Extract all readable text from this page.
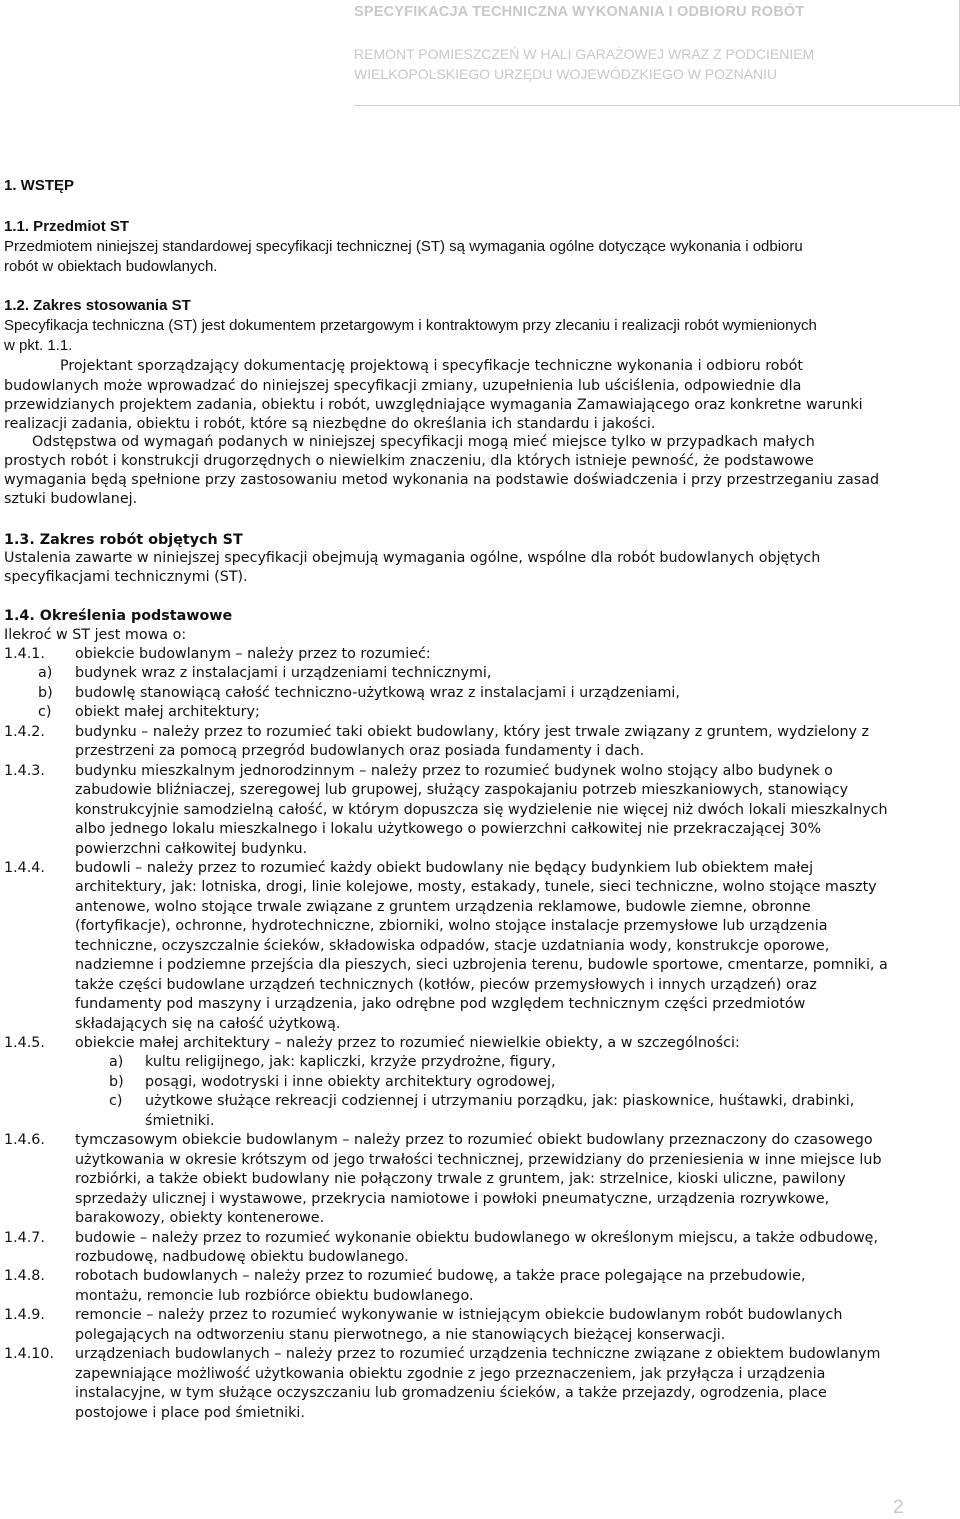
SPECYFIKACJA TECHNICZNA WYKONANIA I ODBIORU ROBÓT
REMONT POMIESZCZEŃ W HALI GARAŻOWEJ WRAZ Z PODCIENIEM
WIELKOPOLSKIEGO URZĘDU WOJEWÓDZKIEGO W POZNANIU
1. WSTĘP
1.1. Przedmiot ST
Przedmiotem niniejszej standardowej specyfikacji technicznej (ST) są wymagania ogólne dotyczące wykonania i odbioru
robót w obiektach budowlanych.
1.2. Zakres stosowania ST
Specyfikacja techniczna (ST) jest dokumentem przetargowym i kontraktowym przy zlecaniu i realizacji robót wymienionych
w pkt. 1.1.
Projektant sporządzający dokumentację projektową i specyfikacje techniczne wykonania i odbioru robót
budowlanych może wprowadzać do niniejszej specyfikacji zmiany, uzupełnienia lub uściślenia, odpowiednie dla
przewidzianych projektem zadania, obiektu i robót, uwzględniające wymagania Zamawiającego oraz konkretne warunki
realizacji zadania, obiektu i robót, które są niezbędne do określania ich standardu i jakości.
Odstępstwa od wymagań podanych w niniejszej specyfikacji mogą mieć miejsce tylko w przypadkach małych
prostych robót i konstrukcji drugorzędnych o niewielkim znaczeniu, dla których istnieje pewność, że podstawowe
wymagania będą spełnione przy zastosowaniu metod wykonania na podstawie doświadczenia i przy przestrzeganiu zasad
sztuki budowlanej.
1.3. Zakres robót objętych ST
Ustalenia zawarte w niniejszej specyfikacji obejmują wymagania ogólne, wspólne dla robót budowlanych objętych
specyfikacjami technicznymi (ST).
1.4. Określenia podstawowe
Ilekroć w ST jest mowa o:
1.4.1. obiekcie budowlanym – należy przez to rozumieć:
a) budynek wraz z instalacjami i urządzeniami technicznymi,
b) budowlę stanowiącą całość techniczno-użytkową wraz z instalacjami i urządzeniami,
c) obiekt małej architektury;
1.4.2. budynku – należy przez to rozumieć taki obiekt budowlany, który jest trwale związany z gruntem, wydzielony z
przestrzeni za pomocą przegród budowlanych oraz posiada fundamenty i dach.
1.4.3. budynku mieszkalnym jednorodzinnym – należy przez to rozumieć budynek wolno stojący albo budynek o
zabudowie bliźniaczej, szeregowej lub grupowej, służący zaspokajaniu potrzeb mieszkaniowych, stanowiący
konstrukcyjnie samodzielną całość, w którym dopuszcza się wydzielenie nie więcej niż dwóch lokali mieszkalnych
albo jednego lokalu mieszkalnego i lokalu użytkowego o powierzchni całkowitej nie przekraczającej 30%
powierzchni całkowitej budynku.
1.4.4. budowli – należy przez to rozumieć każdy obiekt budowlany nie będący budynkiem lub obiektem małej
architektury, jak: lotniska, drogi, linie kolejowe, mosty, estakady, tunele, sieci techniczne, wolno stojące maszty
antenowe, wolno stojące trwale związane z gruntem urządzenia reklamowe, budowle ziemne, obronne
(fortyfikacje), ochronne, hydrotechniczne, zbiorniki, wolno stojące instalacje przemysłowe lub urządzenia
techniczne, oczyszczalnie ścieków, składowiska odpadów, stacje uzdatniania wody, konstrukcje oporowe,
nadziemne i podziemne przejścia dla pieszych, sieci uzbrojenia terenu, budowle sportowe, cmentarze, pomniki, a
także części budowlane urządzeń technicznych (kotłów, pieców przemysłowych i innych urządzeń) oraz
fundamenty pod maszyny i urządzenia, jako odrębne pod względem technicznym części przedmiotów
składających się na całość użytkową.
1.4.5. obiekcie małej architektury – należy przez to rozumieć niewielkie obiekty, a w szczególności:
a) kultu religijnego, jak: kapliczki, krzyże przydrożne, figury,
b) posągi, wodotryski i inne obiekty architektury ogrodowej,
c) użytkowe służące rekreacji codziennej i utrzymaniu porządku, jak: piaskownice, huśtawki, drabinki,
śmietniki.
1.4.6. tymczasowym obiekcie budowlanym – należy przez to rozumieć obiekt budowlany przeznaczony do czasowego
użytkowania w okresie krótszym od jego trwałości technicznej, przewidziany do przeniesienia w inne miejsce lub
rozbiórki, a także obiekt budowlany nie połączony trwale z gruntem, jak: strzelnice, kioski uliczne, pawilony
sprzedaży ulicznej i wystawowe, przekrycia namiotowe i powłoki pneumatyczne, urządzenia rozrywkowe,
barakowozy, obiekty kontenerowe.
1.4.7. budowie – należy przez to rozumieć wykonanie obiektu budowlanego w określonym miejscu, a także odbudowę,
rozbudowę, nadbudowę obiektu budowlanego.
1.4.8. robotach budowlanych – należy przez to rozumieć budowę, a także prace polegające na przebudowie,
montażu, remoncie lub rozbiórce obiektu budowlanego.
1.4.9. remoncie – należy przez to rozumieć wykonywanie w istniejącym obiekcie budowlanym robót budowlanych
polegających na odtworzeniu stanu pierwotnego, a nie stanowiących bieżącej konserwacji.
1.4.10. urządzeniach budowlanych – należy przez to rozumieć urządzenia techniczne związane z obiektem budowlanym
zapewniające możliwość użytkowania obiektu zgodnie z jego przeznaczeniem, jak przyłącza i urządzenia
instalacyjne, w tym służące oczyszczaniu lub gromadzeniu ścieków, a także przejazdy, ogrodzenia, place
postojowe i place pod śmietniki.
2
